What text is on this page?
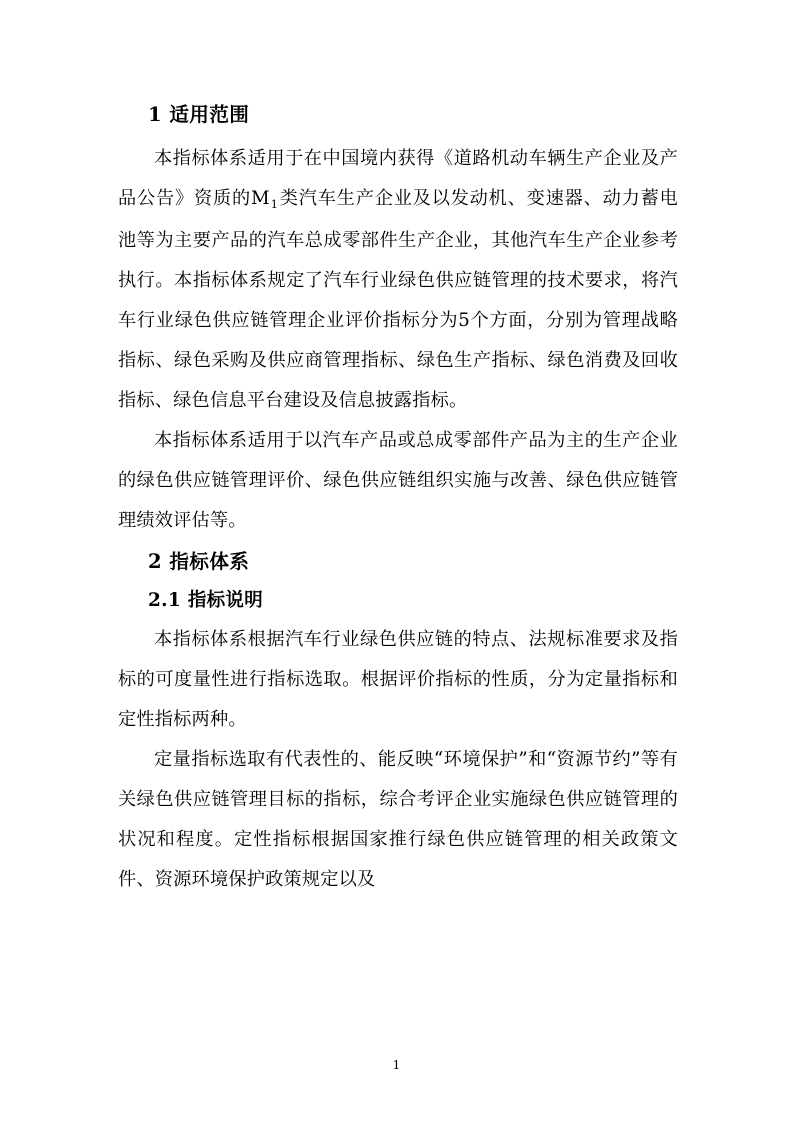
1 适用范围

本指标体系适用于在中国境内获得《道路机动车辆生产企业及产品公告》资质的$M_1$类汽车生产企业及以发动机、变速器、动力蓄电池等为主要产品的汽车总成零部件生产企业，其他汽车生产企业参考执行。本指标体系规定了汽车行业绿色供应链管理的技术要求，将汽车行业绿色供应链管理企业评价指标分为5个方面，分别为管理战略指标、绿色采购及供应商管理指标、绿色生产指标、绿色消费及回收指标、绿色信息平台建设及信息披露指标。

本指标体系适用于以汽车产品或总成零部件产品为主的生产企业的绿色供应链管理评价、绿色供应链组织实施与改善、绿色供应链管理绩效评估等。

2 指标体系
2.1 指标说明

本指标体系根据汽车行业绿色供应链的特点、法规标准要求及指标的可度量性进行指标选取。根据评价指标的性质，分为定量指标和定性指标两种。

定量指标选取有代表性的、能反映“环境保护”和“资源节约”等有关绿色供应链管理目标的指标，综合考评企业实施绿色供应链管理的状况和程度。定性指标根据国家推行绿色供应链管理的相关政策文件、资源环境保护政策规定以及

1
